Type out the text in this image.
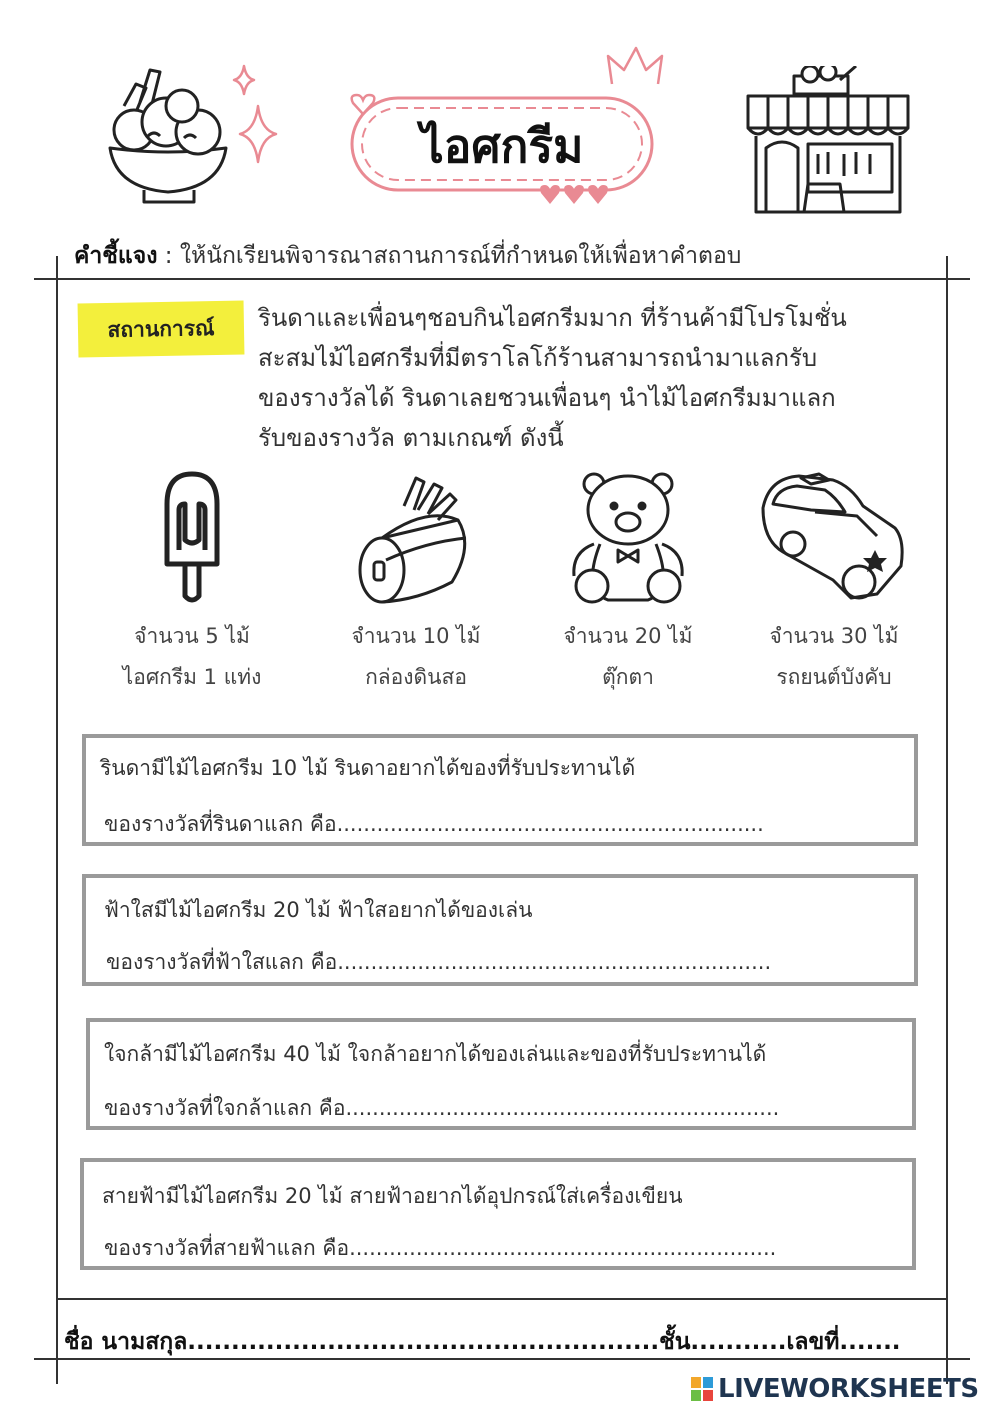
ไอศกรีม
คำชี้แจง : ให้นักเรียนพิจารณาสถานการณ์ที่กำหนดให้เพื่อหาคำตอบ
สถานการณ์	รินดาและเพื่อนๆชอบกินไอศกรีมมาก ที่ร้านค้ามีโปรโมชั่น
สะสมไม้ไอศกรีมที่มีตราโลโก้ร้านสามารถนำมาแลกรับ
ของรางวัลได้ รินดาเลยชวนเพื่อนๆ นำไม้ไอศกรีมมาแลก
รับของรางวัล ตามเกณฑ์ ดังนี้
จำนวน 5 ไม้
ไอศกรีม 1 แท่ง
จำนวน 10 ไม้
กล่องดินสอ
จำนวน 20 ไม้
ตุ๊กตา
จำนวน 30 ไม้
รถยนต์บังคับ
รินดามีไม้ไอศกรีม 10 ไม้ รินดาอยากได้ของที่รับประทานได้
ของรางวัลที่รินดาแลก คือ................................................................
ฟ้าใสมีไม้ไอศกรีม 20 ไม้ ฟ้าใสอยากได้ของเล่น
ของรางวัลที่ฟ้าใสแลก คือ.................................................................
ใจกล้ามีไม้ไอศกรีม 40 ไม้ ใจกล้าอยากได้ของเล่นและของที่รับประทานได้
ของรางวัลที่ใจกล้าแลก คือ.................................................................
สายฟ้ามีไม้ไอศกรีม 20 ไม้ สายฟ้าอยากได้อุปกรณ์ใส่เครื่องเขียน
ของรางวัลที่สายฟ้าแลก คือ................................................................
ชื่อ นามสกุล......................................................ชั้น...........เลขที่.......
LIVEWORKSHEETS
